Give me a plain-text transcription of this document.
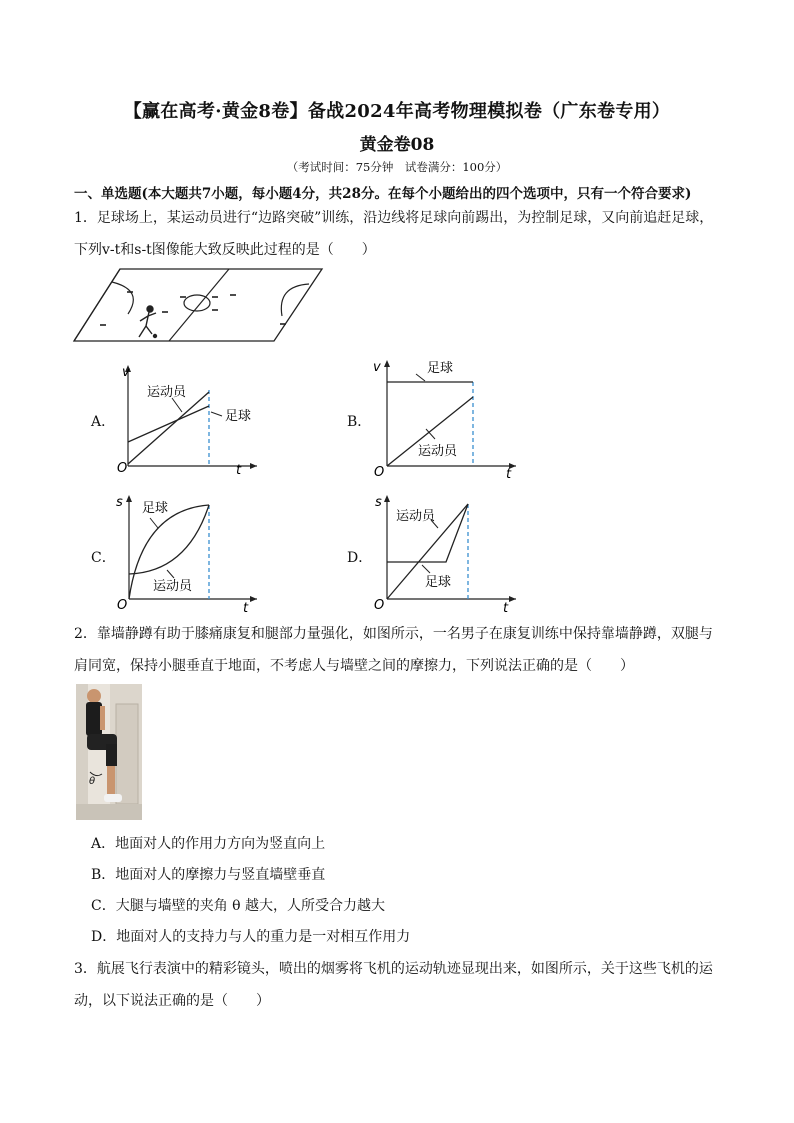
【赢在高考·黄金8卷】备战2024年高考物理模拟卷（广东卷专用）
黄金卷08
（考试时间：75分钟　试卷满分：100分）
一、单选题(本大题共7小题，每小题4分，共28分。在每个小题给出的四个选项中，只有一个符合要求)
1．足球场上，某运动员进行“边路突破”训练，沿边线将足球向前踢出，为控制足球，又向前追赶足球，下列v-t和s-t图像能大致反映此过程的是（　　）
A．
v
t
O
运动员
足球	B．
v
t
O
足球
运动员
C．
s
t
O
足球
运动员
D．
s
t
O
运动员
足球
2．靠墙静蹲有助于膝痛康复和腿部力量强化，如图所示，一名男子在康复训练中保持靠墙静蹲，双腿与肩同宽，保持小腿垂直于地面，不考虑人与墙壁之间的摩擦力，下列说法正确的是（　　）
θ
A．地面对人的作用力方向为竖直向上
B．地面对人的摩擦力与竖直墙壁垂直
C．大腿与墙壁的夹角 θ 越大，人所受合力越大
D．地面对人的支持力与人的重力是一对相互作用力
3．航展飞行表演中的精彩镜头，喷出的烟雾将飞机的运动轨迹显现出来，如图所示，关于这些飞机的运动，以下说法正确的是（　　）
